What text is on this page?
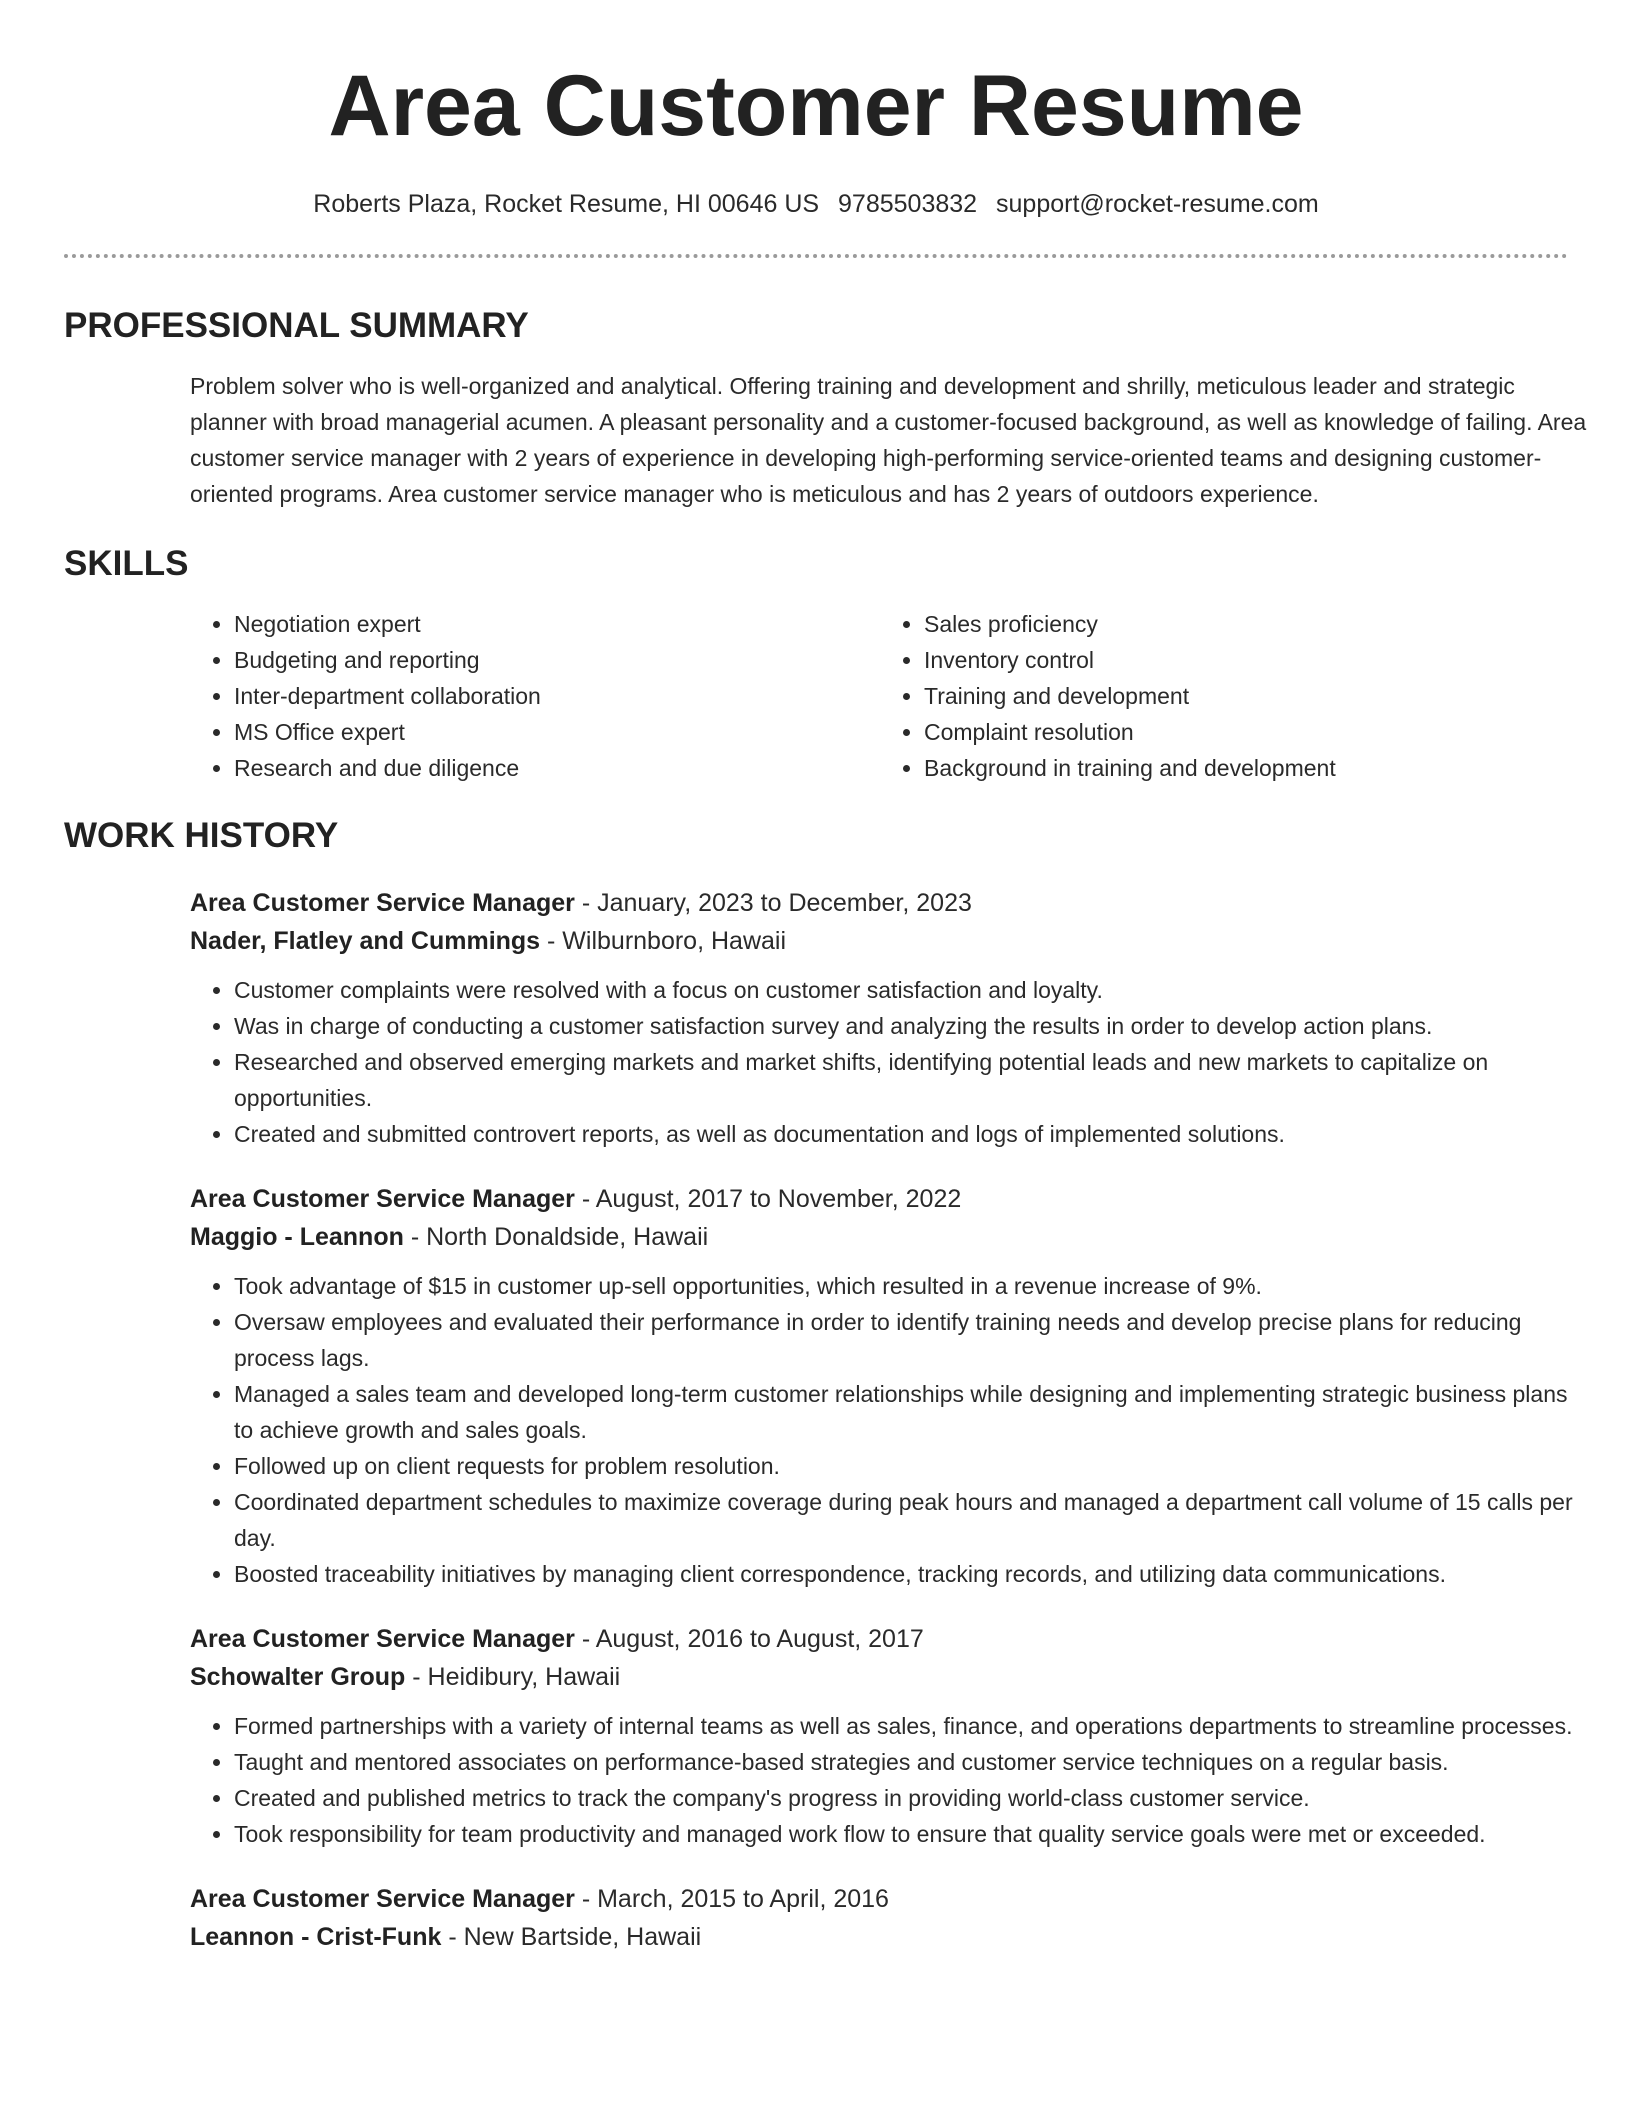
Area Customer Resume
Roberts Plaza, Rocket Resume, HI 00646 US 9785503832 support@rocket-resume.com
PROFESSIONAL SUMMARY

Problem solver who is well-organized and analytical. Offering training and development and shrilly, meticulous leader and strategic planner with broad managerial acumen. A pleasant personality and a customer-focused background, as well as knowledge of failing. Area customer service manager with 2 years of experience in developing high-performing service-oriented teams and designing customer-oriented programs. Area customer service manager who is meticulous and has 2 years of outdoors experience.

SKILLS
• Negotiation expert
• Budgeting and reporting
• Inter-department collaboration
• MS Office expert
• Research and due diligence
• Sales proficiency
• Inventory control
• Training and development
• Complaint resolution
• Background in training and development
WORK HISTORY
Area Customer Service Manager - January, 2023 to December, 2023
Nader, Flatley and Cummings - Wilburnboro, Hawaii
• Customer complaints were resolved with a focus on customer satisfaction and loyalty.
• Was in charge of conducting a customer satisfaction survey and analyzing the results in order to develop action plans.
• Researched and observed emerging markets and market shifts, identifying potential leads and new markets to capitalize on opportunities.
• Created and submitted controvert reports, as well as documentation and logs of implemented solutions.
Area Customer Service Manager - August, 2017 to November, 2022
Maggio - Leannon - North Donaldside, Hawaii
• Took advantage of $15 in customer up-sell opportunities, which resulted in a revenue increase of 9%.
• Oversaw employees and evaluated their performance in order to identify training needs and develop precise plans for reducing process lags.
• Managed a sales team and developed long-term customer relationships while designing and implementing strategic business plans to achieve growth and sales goals.
• Followed up on client requests for problem resolution.
• Coordinated department schedules to maximize coverage during peak hours and managed a department call volume of 15 calls per day.
• Boosted traceability initiatives by managing client correspondence, tracking records, and utilizing data communications.
Area Customer Service Manager - August, 2016 to August, 2017
Schowalter Group - Heidibury, Hawaii
• Formed partnerships with a variety of internal teams as well as sales, finance, and operations departments to streamline processes.
• Taught and mentored associates on performance-based strategies and customer service techniques on a regular basis.
• Created and published metrics to track the company's progress in providing world-class customer service.
• Took responsibility for team productivity and managed work flow to ensure that quality service goals were met or exceeded.
Area Customer Service Manager - March, 2015 to April, 2016
Leannon - Crist-Funk - New Bartside, Hawaii
